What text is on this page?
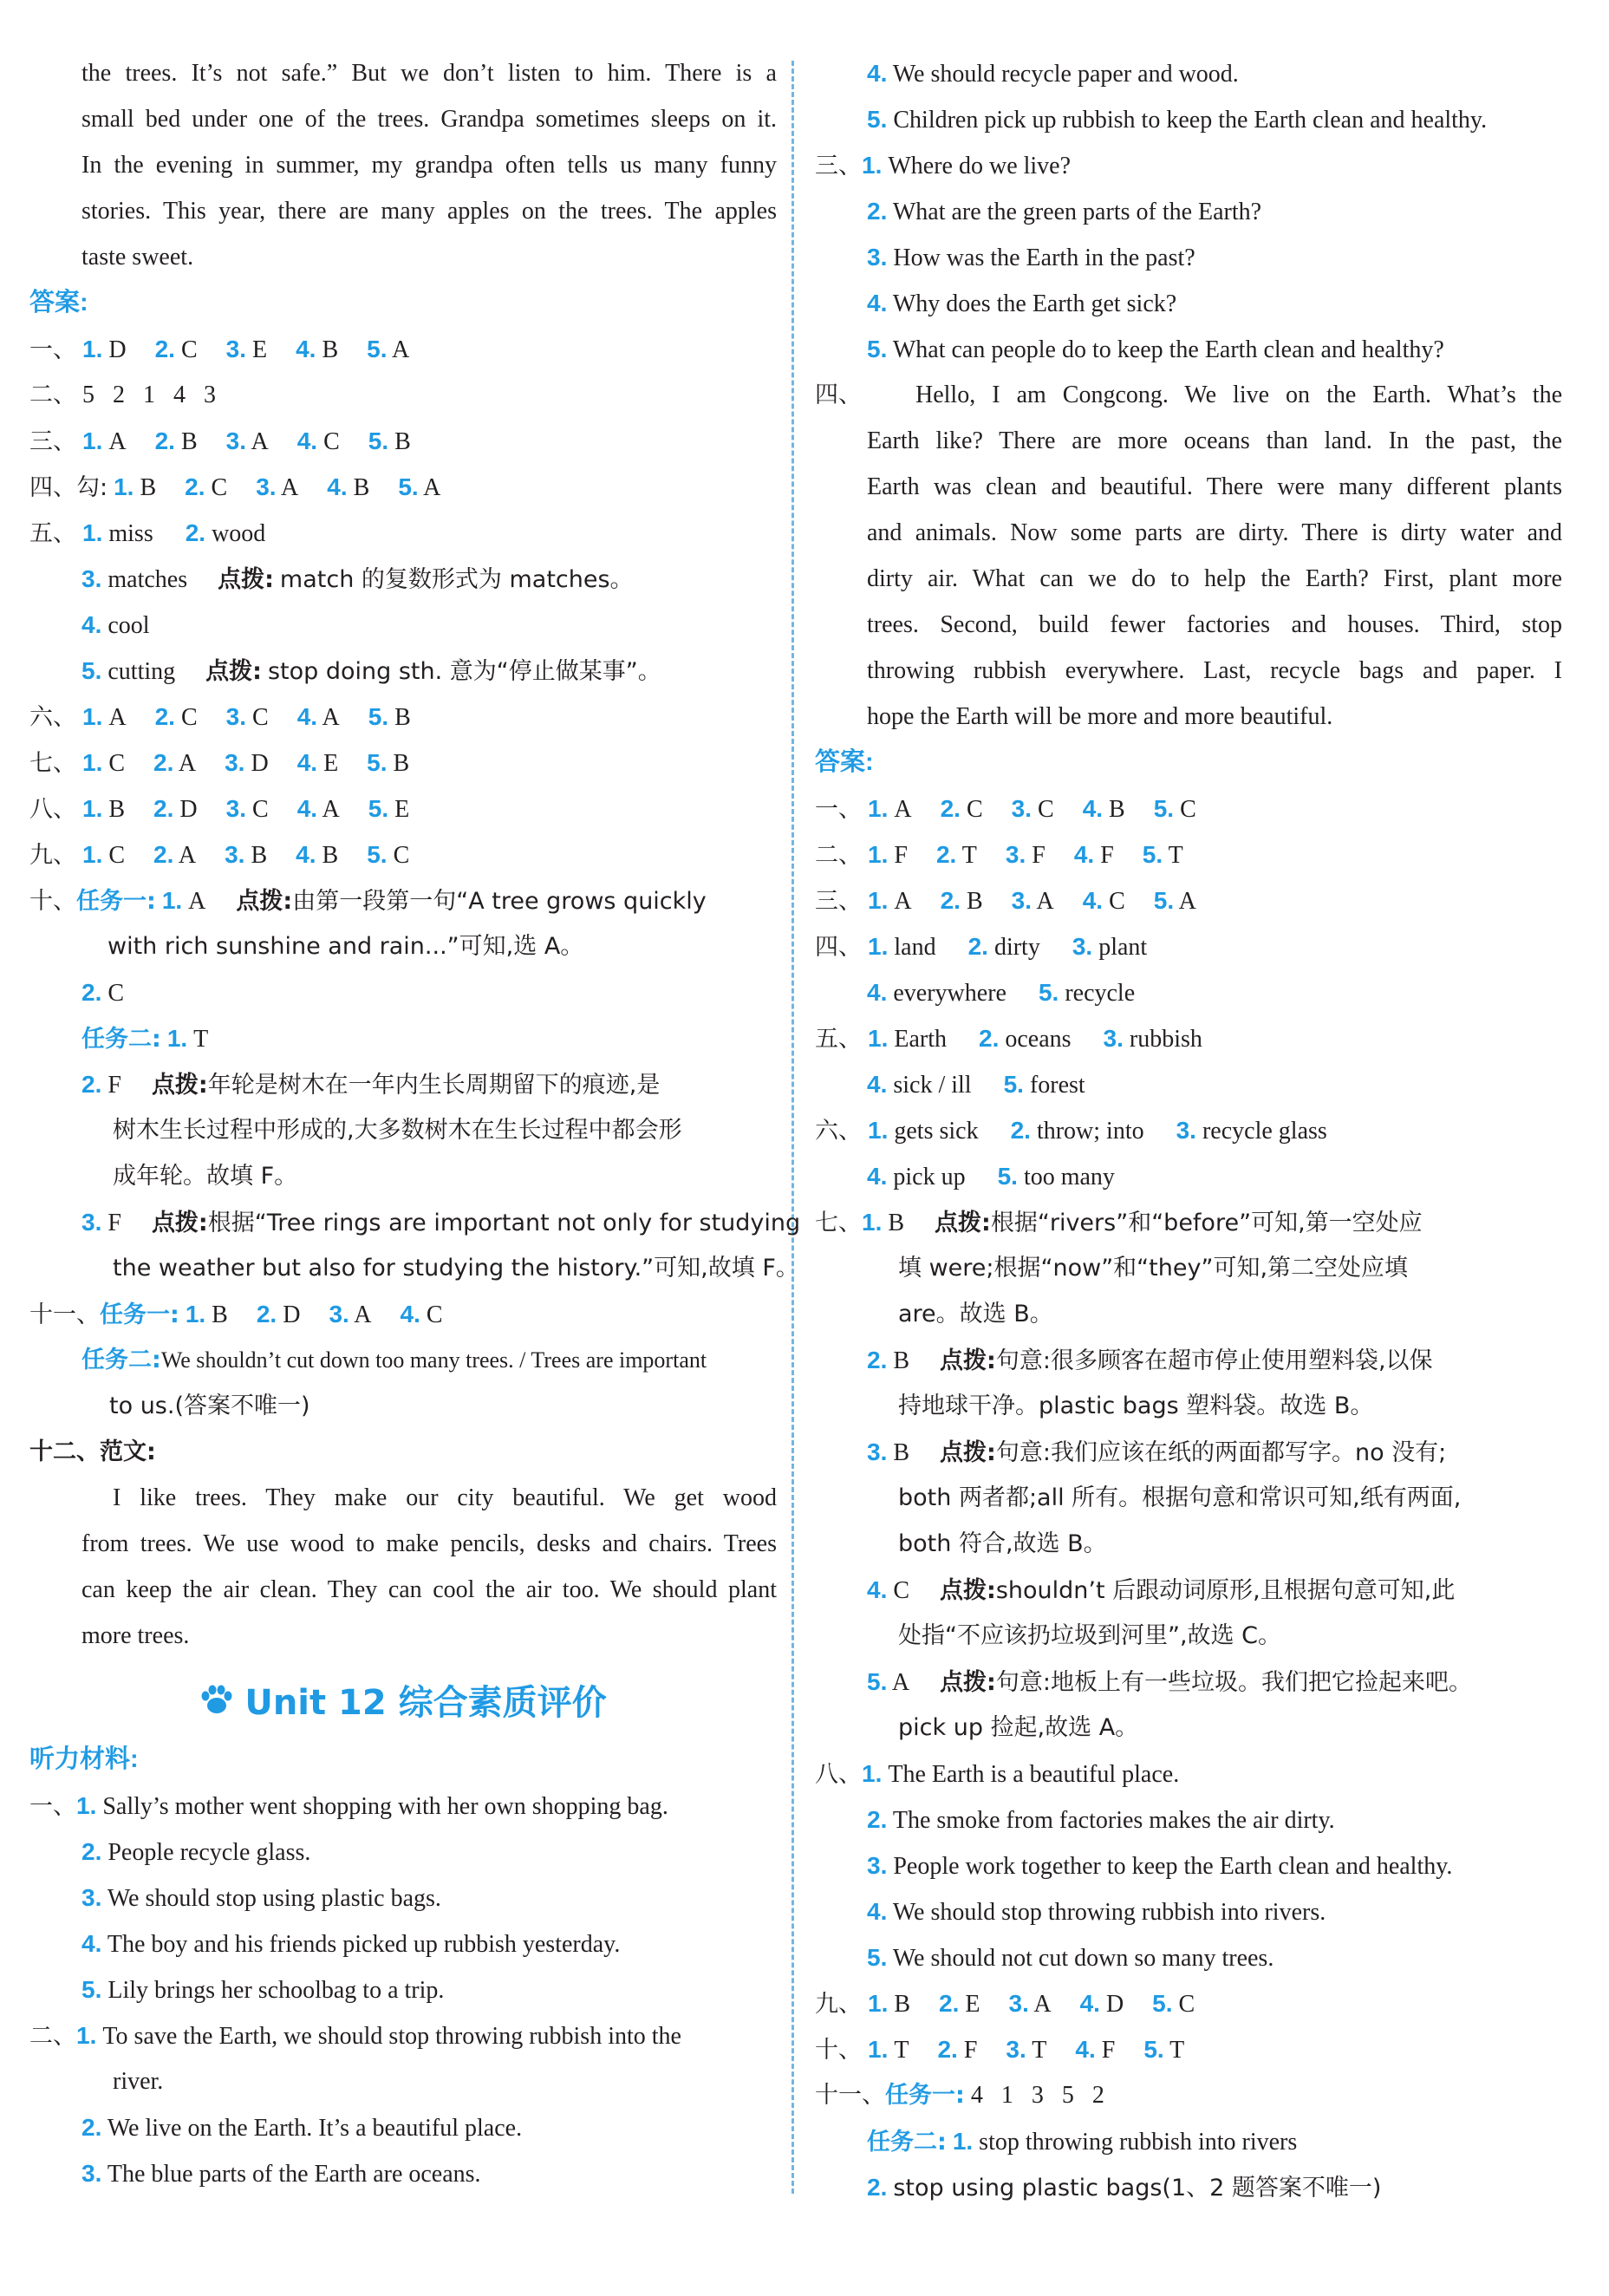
the trees. It’s not safe.” But we don’t listen to him. There is a
small bed under one of the trees. Grandpa sometimes sleeps on it.
In the evening in summer, my grandpa often tells us many funny
stories. This year, there are many apples on the trees. The apples
taste sweet.
答案:
一、 1. D 2. C 3. E 4. B 5. A
二、 5   2   1   4   3
三、 1. A 2. B 3. A 4. C 5. B
四、勾: 1. B 2. C 3. A 4. B 5. A
五、 1. miss 2. wood
3. matches 点拨: match 的复数形式为 matches。
4. cool
5. cutting 点拨: stop doing sth. 意为“停止做某事”。
六、 1. A 2. C 3. C 4. A 5. B
七、 1. C 2. A 3. D 4. E 5. B
八、 1. B 2. D 3. C 4. A 5. E
九、 1. C 2. A 3. B 4. B 5. C
十、任务一: 1. A 点拨:由第一段第一句“A tree grows quickly
with rich sunshine and rain...”可知,选 A。
2. C
任务二: 1. T
2. F 点拨:年轮是树木在一年内生长周期留下的痕迹,是
树木生长过程中形成的,大多数树木在生长过程中都会形
成年轮。故填 F。
3. F 点拨:根据“Tree rings are important not only for studying
the weather but also for studying the history.”可知,故填 F。
十一、任务一: 1. B 2. D 3. A 4. C
任务二:We shouldn’t cut down too many trees. / Trees are important
to us.(答案不唯一)
十二、范文:
I like trees. They make our city beautiful. We get wood
from trees. We use wood to make pencils, desks and chairs. Trees
can keep the air clean. They can cool the air too. We should plant
more trees.
Unit 12 综合素质评价
听力材料:
一、1. Sally’s mother went shopping with her own shopping bag.
2. People recycle glass.
3. We should stop using plastic bags.
4. The boy and his friends picked up rubbish yesterday.
5. Lily brings her schoolbag to a trip.
二、1. To save the Earth, we should stop throwing rubbish into the
river.
2. We live on the Earth. It’s a beautiful place.
3. The blue parts of the Earth are oceans.
4. We should recycle paper and wood.
5. Children pick up rubbish to keep the Earth clean and healthy.
三、1. Where do we live?
2. What are the green parts of the Earth?
3. How was the Earth in the past?
4. Why does the Earth get sick?
5. What can people do to keep the Earth clean and healthy?
四、	Hello, I am Congcong. We live on the Earth. What’s the
Earth like? There are more oceans than land. In the past, the
Earth was clean and beautiful. There were many different plants
and animals. Now some parts are dirty. There is dirty water and
dirty air. What can we do to help the Earth? First, plant more
trees. Second, build fewer factories and houses. Third, stop
throwing rubbish everywhere. Last, recycle bags and paper. I
hope the Earth will be more and more beautiful.
答案:
一、 1. A 2. C 3. C 4. B 5. C
二、 1. F 2. T 3. F 4. F 5. T
三、 1. A 2. B 3. A 4. C 5. A
四、 1. land 2. dirty 3. plant
4. everywhere 5. recycle
五、 1. Earth 2. oceans 3. rubbish
4. sick / ill 5. forest
六、 1. gets sick 2. throw; into 3. recycle glass
4. pick up 5. too many
七、1. B 点拨:根据“rivers”和“before”可知,第一空处应
填 were;根据“now”和“they”可知,第二空处应填
are。故选 B。
2. B 点拨:句意:很多顾客在超市停止使用塑料袋,以保
持地球干净。plastic bags 塑料袋。故选 B。
3. B 点拨:句意:我们应该在纸的两面都写字。no 没有;
both 两者都;all 所有。根据句意和常识可知,纸有两面,
both 符合,故选 B。
4. C 点拨:shouldn’t 后跟动词原形,且根据句意可知,此
处指“不应该扔垃圾到河里”,故选 C。
5. A 点拨:句意:地板上有一些垃圾。我们把它捡起来吧。
pick up 捡起,故选 A。
八、1. The Earth is a beautiful place.
2. The smoke from factories makes the air dirty.
3. People work together to keep the Earth clean and healthy.
4. We should stop throwing rubbish into rivers.
5. We should not cut down so many trees.
九、 1. B 2. E 3. A 4. D 5. C
十、 1. T 2. F 3. T 4. F 5. T
十一、任务一: 4   1   3   5   2
任务二: 1. stop throwing rubbish into rivers
2. stop using plastic bags(1、2 题答案不唯一)
